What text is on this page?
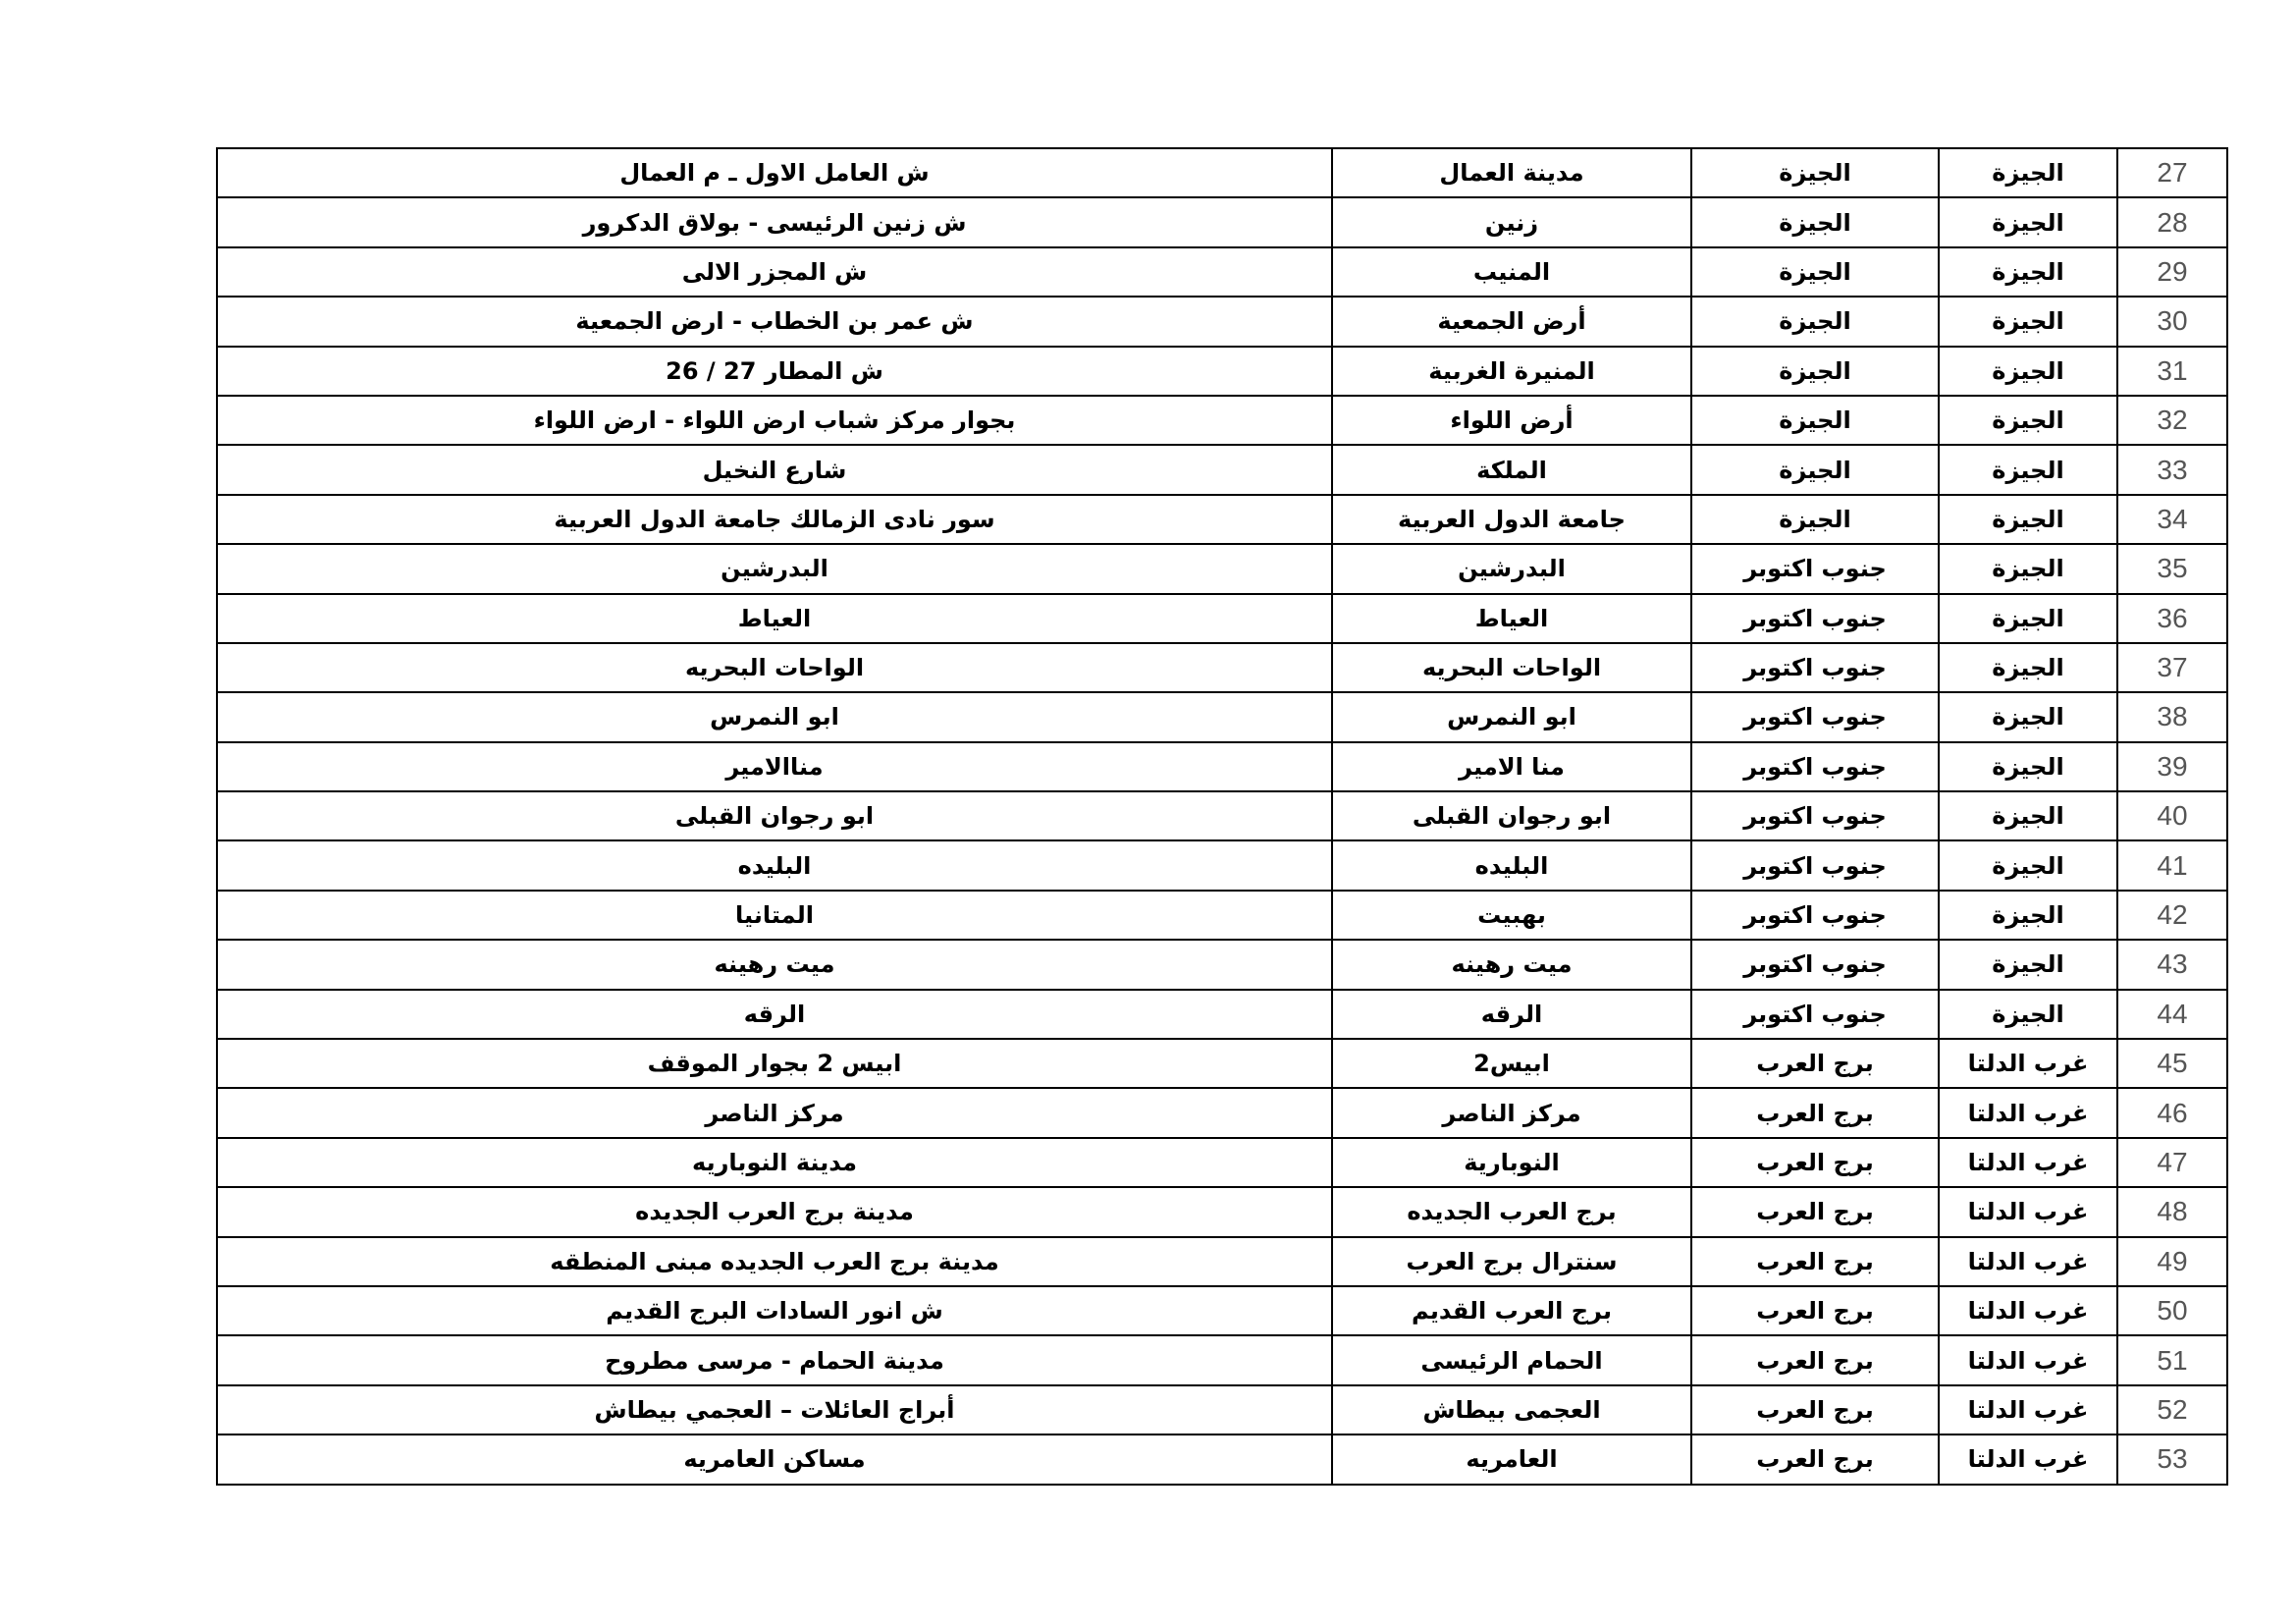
ش العامل الاول ـ م العمال	مدينة العمال	الجيزة	الجيزة	27
ش زنين الرئيسى - بولاق الدكرور	زنين	الجيزة	الجيزة	28
ش المجزر الالى	المنيب	الجيزة	الجيزة	29
ش عمر بن الخطاب - ارض الجمعية	أرض الجمعية	الجيزة	الجيزة	30
ش المطار 27 / 26	المنيرة الغربية	الجيزة	الجيزة	31
بجوار مركز شباب ارض اللواء - ارض اللواء	أرض اللواء	الجيزة	الجيزة	32
شارع النخيل	الملكة	الجيزة	الجيزة	33
سور نادى الزمالك جامعة الدول العربية	جامعة الدول العربية	الجيزة	الجيزة	34
البدرشين	البدرشين	جنوب اكتوبر	الجيزة	35
العياط	العياط	جنوب اكتوبر	الجيزة	36
الواحات البحريه	الواحات البحريه	جنوب اكتوبر	الجيزة	37
ابو النمرس	ابو النمرس	جنوب اكتوبر	الجيزة	38
مناالامير	منا الامير	جنوب اكتوبر	الجيزة	39
ابو رجوان القبلى	ابو رجوان القبلى	جنوب اكتوبر	الجيزة	40
البليده	البليده	جنوب اكتوبر	الجيزة	41
المتانيا	بهبيت	جنوب اكتوبر	الجيزة	42
ميت رهينه	ميت رهينه	جنوب اكتوبر	الجيزة	43
الرقه	الرقه	جنوب اكتوبر	الجيزة	44
ابيس 2 بجوار الموقف	ابيس2	برج العرب	غرب الدلتا	45
مركز الناصر	مركز الناصر	برج العرب	غرب الدلتا	46
مدينة النوباريه	النوبارية	برج العرب	غرب الدلتا	47
مدينة برج العرب الجديده	برج العرب الجديده	برج العرب	غرب الدلتا	48
مدينة برج العرب الجديده مبنى المنطقه	سنترال برج العرب	برج العرب	غرب الدلتا	49
ش انور السادات البرج القديم	برج العرب القديم	برج العرب	غرب الدلتا	50
مدينة الحمام - مرسى مطروح	الحمام الرئيسى	برج العرب	غرب الدلتا	51
أبراج العائلات – العجمي بيطاش	العجمى بيطاش	برج العرب	غرب الدلتا	52
مساكن العامريه	العامريه	برج العرب	غرب الدلتا	53
